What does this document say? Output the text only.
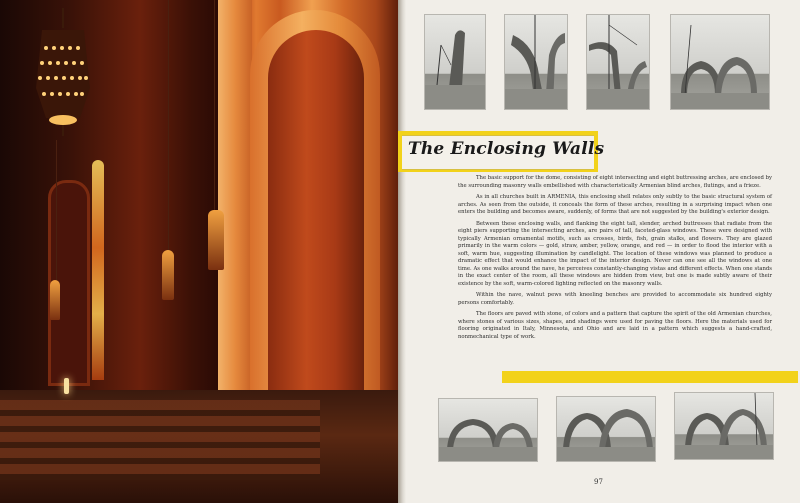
The Enclosing Walls

The basic support for the dome, consisting of eight intersecting and eight buttressing arches, are enclosed by the surrounding masonry walls embellished with characteristically Armenian blind arches, flutings, and a frieze.

As in all churches built in ARMENIA, this enclosing shell relates only subtly to the basic structural system of arches. As seen from the outside, it conceals the form of these arches, resulting in a surprising impact when one enters the building and becomes aware, suddenly, of forms that are not suggested by the building's exterior design.

Between these enclosing walls, and flanking the eight tall, slender, arched buttresses that radiate from the eight piers supporting the intersecting arches, are pairs of tall, faceted-glass windows. These were designed with typically Armenian ornamental motifs, such as crosses, birds, fish, grain stalks, and flowers. They are glazed primarily in the warm colors — gold, straw, amber, yellow, orange, and red — in order to flood the interior with a soft, warm hue, suggesting illumination by candlelight. The location of these windows was planned to produce a dramatic effect that would enhance the impact of the interior design. Never can one see all the windows at one time. As one walks around the nave, he perceives constantly-changing vistas and different effects. When one stands in the exact center of the room, all these windows are hidden from view, but one is made subtly aware of their existence by the soft, warm-colored lighting reflected on the masonry walls.

Within the nave, walnut pews with kneeling benches are provided to accommodate six hundred eighty persons comfortably.

The floors are paved with stone, of colors and a pattern that capture the spirit of the old Armenian churches, where stones of various sizes, shapes, and shadings were used for paving the floors. Here the materials used for flooring originated in Italy, Minnesota, and Ohio and are laid in a pattern which suggests a hand-crafted, nonmechanical type of work.

97
